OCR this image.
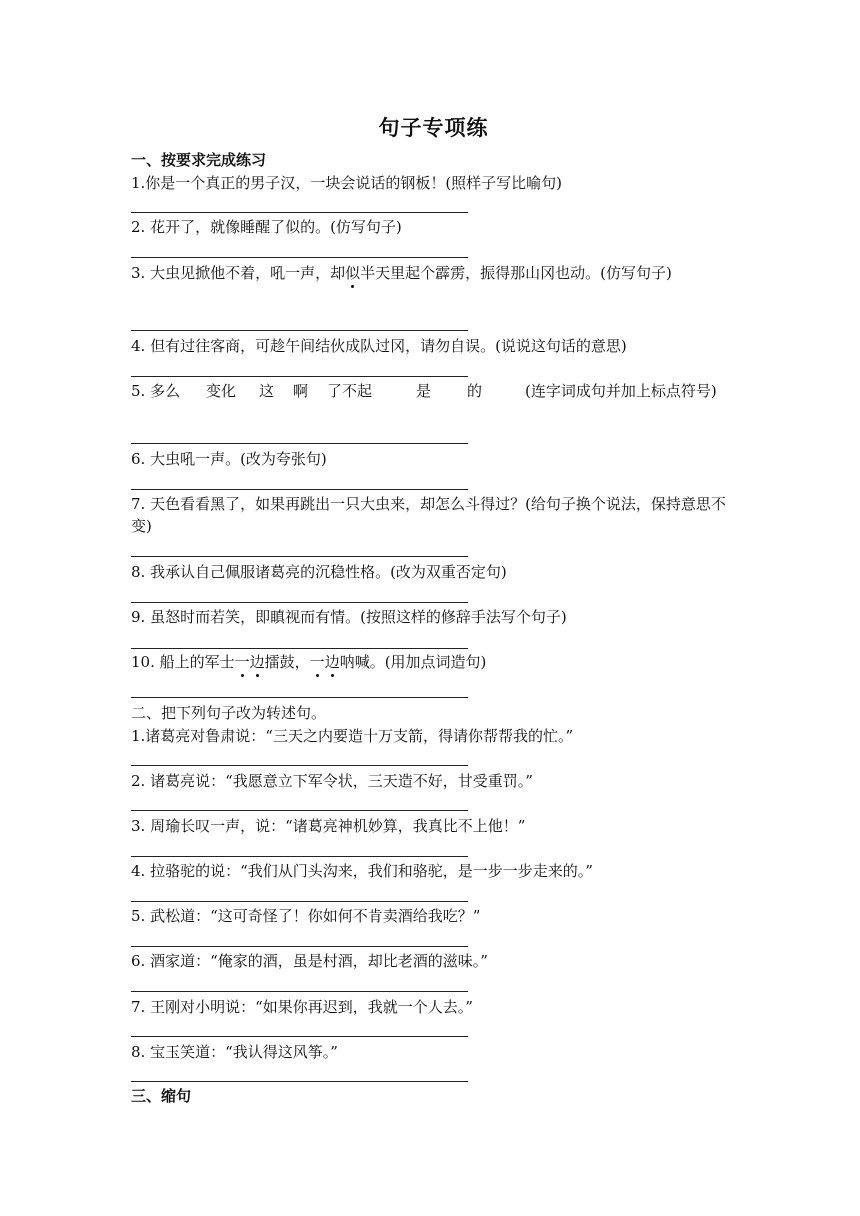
句子专项练
一、按要求完成练习
1.你是一个真正的男子汉，一块会说话的钢板！(照样子写比喻句)
2. 花开了，就像睡醒了似的。(仿写句子)
3. 大虫见掀他不着，吼一声，却似半天里起个霹雳，振得那山冈也动。(仿写句子)
4. 但有过往客商，可趁午间结伙成队过冈，请勿自误。(说说这句话的意思)
5. 多么 变化 这 啊 了不起	是 的	(连字词成句并加上标点符号)
6. 大虫吼一声。(改为夸张句)
7. 天色看看黑了，如果再跳出一只大虫来，却怎么斗得过？(给句子换个说法，保持意思不变)
8. 我承认自己佩服诸葛亮的沉稳性格。(改为双重否定句)
9. 虽怒时而若笑，即瞋视而有情。(按照这样的修辞手法写个句子)
10. 船上的军士一边擂鼓，一边呐喊。(用加点词造句)
二、把下列句子改为转述句。
1.诸葛亮对鲁肃说：“三天之内要造十万支箭，得请你帮帮我的忙。”
2. 诸葛亮说：“我愿意立下军令状，三天造不好，甘受重罚。”
3. 周瑜长叹一声，说：“诸葛亮神机妙算，我真比不上他！”
4. 拉骆驼的说：“我们从门头沟来，我们和骆驼，是一步一步走来的。”
5. 武松道：“这可奇怪了！你如何不肯卖酒给我吃？”
6. 酒家道：“俺家的酒，虽是村酒，却比老酒的滋味。”
7. 王刚对小明说：“如果你再迟到，我就一个人去。”
8. 宝玉笑道：“我认得这风筝。”
三、缩句
